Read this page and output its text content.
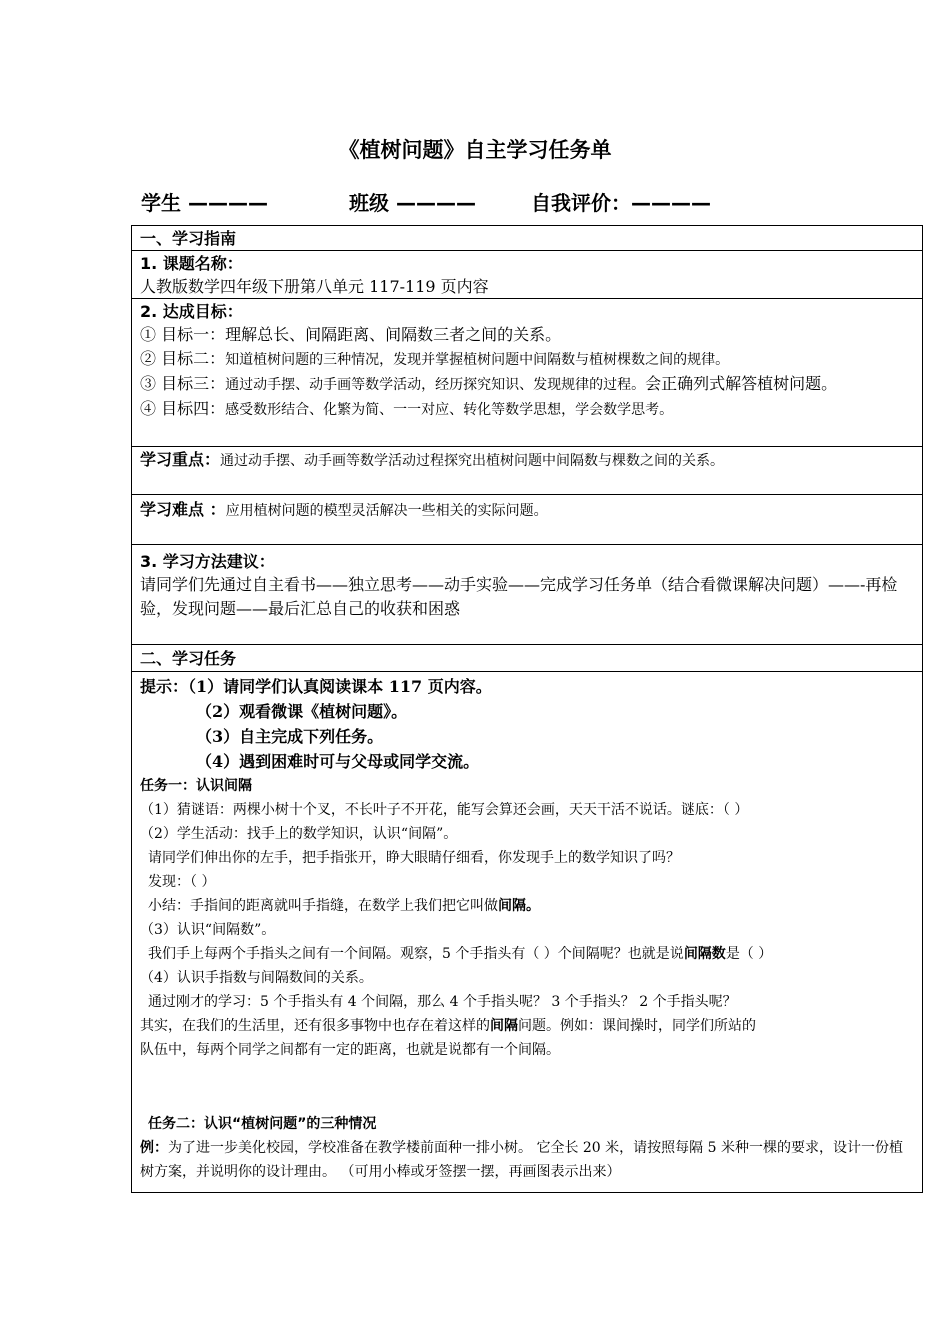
《植树问题》自主学习任务单
学生 ————	班级 ————	自我评价：————
一、学习指南
1. 课题名称：
人教版数学四年级下册第八单元 117-119 页内容
2. 达成目标：
① 目标一：理解总长、间隔距离、间隔数三者之间的关系。
② 目标二：知道植树问题的三种情况，发现并掌握植树问题中间隔数与植树棵数之间的规律。
③ 目标三：通过动手摆、动手画等数学活动，经历探究知识、发现规律的过程。会正确列式解答植树问题。
④ 目标四：感受数形结合、化繁为简、一一对应、转化等数学思想，学会数学思考。
学习重点：通过动手摆、动手画等数学活动过程探究出植树问题中间隔数与棵数之间的关系。
学习难点 ：应用植树问题的模型灵活解决一些相关的实际问题。
3. 学习方法建议：
请同学们先通过自主看书——独立思考——动手实验——完成学习任务单（结合看微课解决问题）——-再检验，发现问题——最后汇总自己的收获和困惑
二、学习任务
提示：（1）请同学们认真阅读课本 117 页内容。
（2）观看微课《植树问题》。
（3）自主完成下列任务。
（4）遇到困难时可与父母或同学交流。
任务一：认识间隔
（1）猜谜语：两棵小树十个叉，不长叶子不开花，能写会算还会画，天天干活不说话。谜底：（ ）
（2）学生活动：找手上的数学知识，认识“间隔”。
请同学们伸出你的左手，把手指张开，睁大眼睛仔细看，你发现手上的数学知识了吗？
发现：（ ）
小结：手指间的距离就叫手指缝，在数学上我们把它叫做间隔。
（3）认识“间隔数”。
我们手上每两个手指头之间有一个间隔。观察，5 个手指头有（ ）个间隔呢？也就是说间隔数是（ ）
（4）认识手指数与间隔数间的关系。
通过刚才的学习：5 个手指头有 4 个间隔，那么 4 个手指头呢？ 3 个手指头？ 2 个手指头呢？
其实，在我们的生活里，还有很多事物中也存在着这样的间隔问题。例如：课间操时，同学们所站的
队伍中，每两个同学之间都有一定的距离，也就是说都有一个间隔。
任务二：认识“植树问题”的三种情况
例：为了进一步美化校园，学校准备在教学楼前面种一排小树。 它全长 20 米，请按照每隔 5 米种一棵的要求，设计一份植树方案，并说明你的设计理由。 （可用小棒或牙签摆一摆，再画图表示出来）
